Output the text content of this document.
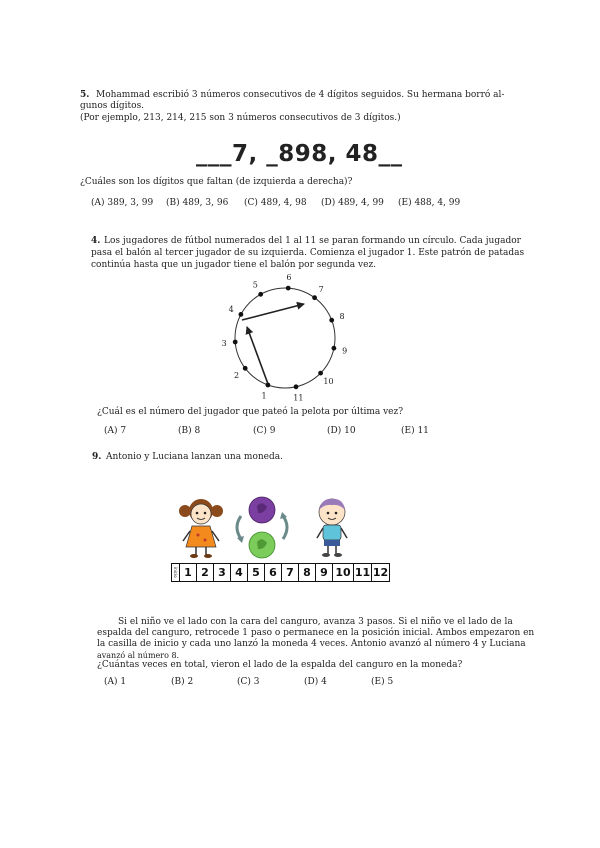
5. Mohammad escribió 3 números consecutivos de 4 dígitos seguidos. Su hermana borró al-
gunos dígitos.
(Por ejemplo, 213, 214, 215 son 3 números consecutivos de 3 dígitos.)
___7, _898, 48__
¿Cuáles son los dígitos que faltan (de izquierda a derecha)?
(A) 389, 3, 99 (B) 489, 3, 96 (C) 489, 4, 98 (D) 489, 4, 99 (E) 488, 4, 99
4. Los jugadores de fútbol numerados del 1 al 11 se paran formando un círculo. Cada jugador
pasa el balón al tercer jugador de su izquierda. Comienza el jugador 1. Este patrón de patadas
continúa hasta que un jugador tiene el balón por segunda vez.
1
2
3
4
5
6
7
8
9
10
11
¿Cuál es el número del jugador que pateó la pelota por última vez?
(A) 7	(B) 8	(C) 9	(D) 10	(E) 11
9. Antonio y Luciana lanzan una moneda.
inicio 1 2 3 4 5 6 7 8 9 10 11 12
Si el niño ve el lado con la cara del canguro, avanza 3 pasos. Si el niño ve el lado de la
espalda del canguro, retrocede 1 paso o permanece en la posición inicial. Ambos empezaron en
la casilla de inicio y cada uno lanzó la moneda 4 veces. Antonio avanzó al número 4 y Luciana
avanzó al número 8.
¿Cuántas veces en total, vieron el lado de la espalda del canguro en la moneda?
(A) 1	(B) 2	(C) 3	(D) 4	(E) 5
